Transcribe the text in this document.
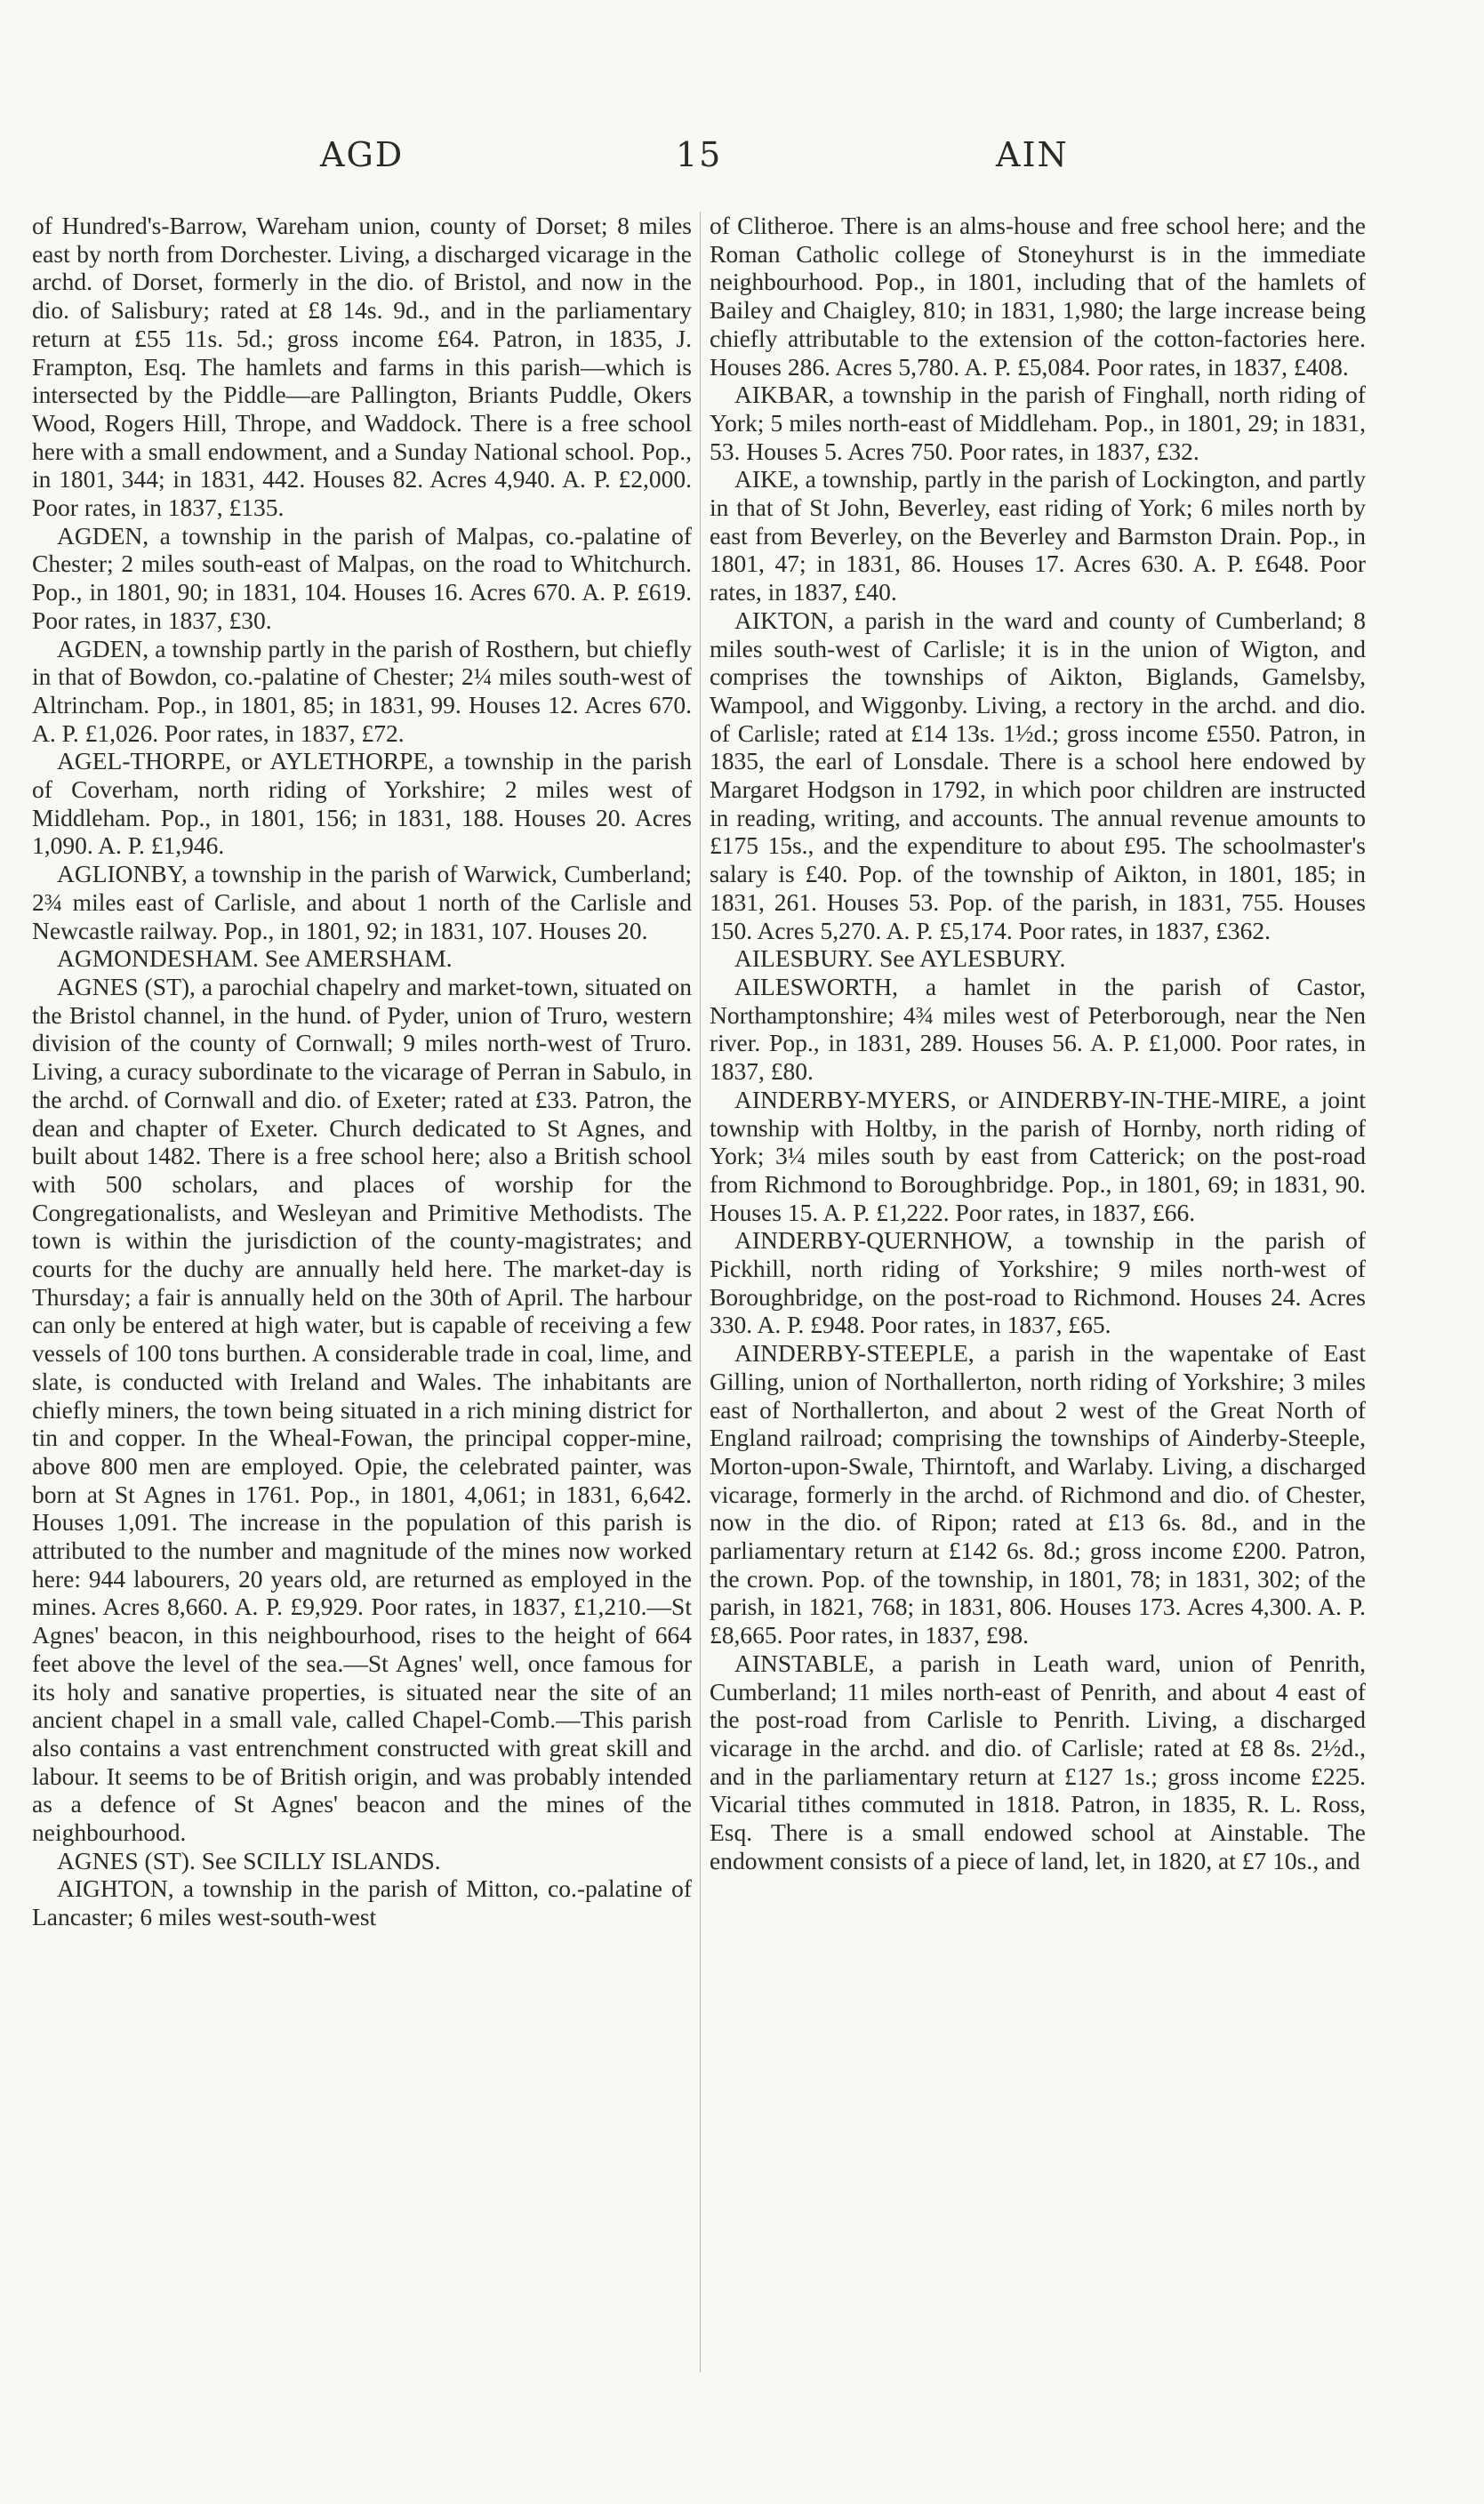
AGD	15	AIN

of Hundred's-Barrow, Wareham union, county of Dorset; 8 miles east by north from Dorchester. Living, a discharged vicarage in the archd. of Dorset, formerly in the dio. of Bristol, and now in the dio. of Salisbury; rated at £8 14s. 9d., and in the parliamentary return at £55 11s. 5d.; gross income £64. Patron, in 1835, J. Frampton, Esq. The hamlets and farms in this parish—which is intersected by the Piddle—are Pallington, Briants Puddle, Okers Wood, Rogers Hill, Thrope, and Waddock. There is a free school here with a small endowment, and a Sunday National school. Pop., in 1801, 344; in 1831, 442. Houses 82. Acres 4,940. A. P. £2,000. Poor rates, in 1837, £135.

AGDEN, a township in the parish of Malpas, co.-palatine of Chester; 2 miles south-east of Malpas, on the road to Whitchurch. Pop., in 1801, 90; in 1831, 104. Houses 16. Acres 670. A. P. £619. Poor rates, in 1837, £30.

AGDEN, a township partly in the parish of Rosthern, but chiefly in that of Bowdon, co.-palatine of Chester; 2¼ miles south-west of Altrincham. Pop., in 1801, 85; in 1831, 99. Houses 12. Acres 670. A. P. £1,026. Poor rates, in 1837, £72.

AGEL-THORPE, or AYLETHORPE, a township in the parish of Coverham, north riding of Yorkshire; 2 miles west of Middleham. Pop., in 1801, 156; in 1831, 188. Houses 20. Acres 1,090. A. P. £1,946.

AGLIONBY, a township in the parish of Warwick, Cumberland; 2¾ miles east of Carlisle, and about 1 north of the Carlisle and Newcastle railway. Pop., in 1801, 92; in 1831, 107. Houses 20.

AGMONDESHAM. See AMERSHAM.

AGNES (ST), a parochial chapelry and market-town, situated on the Bristol channel, in the hund. of Pyder, union of Truro, western division of the county of Cornwall; 9 miles north-west of Truro. Living, a curacy subordinate to the vicarage of Perran in Sabulo, in the archd. of Cornwall and dio. of Exeter; rated at £33. Patron, the dean and chapter of Exeter. Church dedicated to St Agnes, and built about 1482. There is a free school here; also a British school with 500 scholars, and places of worship for the Congregationalists, and Wesleyan and Primitive Methodists. The town is within the jurisdiction of the county-magistrates; and courts for the duchy are annually held here. The market-day is Thursday; a fair is annually held on the 30th of April. The harbour can only be entered at high water, but is capable of receiving a few vessels of 100 tons burthen. A considerable trade in coal, lime, and slate, is conducted with Ireland and Wales. The inhabitants are chiefly miners, the town being situated in a rich mining district for tin and copper. In the Wheal-Fowan, the principal copper-mine, above 800 men are employed. Opie, the celebrated painter, was born at St Agnes in 1761. Pop., in 1801, 4,061; in 1831, 6,642. Houses 1,091. The increase in the population of this parish is attributed to the number and magnitude of the mines now worked here: 944 labourers, 20 years old, are returned as employed in the mines. Acres 8,660. A. P. £9,929. Poor rates, in 1837, £1,210.—St Agnes' beacon, in this neighbourhood, rises to the height of 664 feet above the level of the sea.—St Agnes' well, once famous for its holy and sanative properties, is situated near the site of an ancient chapel in a small vale, called Chapel-Comb.—This parish also contains a vast entrenchment constructed with great skill and labour. It seems to be of British origin, and was probably intended as a defence of St Agnes' beacon and the mines of the neighbourhood.

AGNES (ST). See SCILLY ISLANDS.

AIGHTON, a township in the parish of Mitton, co.-palatine of Lancaster; 6 miles west-south-west

of Clitheroe. There is an alms-house and free school here; and the Roman Catholic college of Stoneyhurst is in the immediate neighbourhood. Pop., in 1801, including that of the hamlets of Bailey and Chaigley, 810; in 1831, 1,980; the large increase being chiefly attributable to the extension of the cotton-factories here. Houses 286. Acres 5,780. A. P. £5,084. Poor rates, in 1837, £408.

AIKBAR, a township in the parish of Finghall, north riding of York; 5 miles north-east of Middleham. Pop., in 1801, 29; in 1831, 53. Houses 5. Acres 750. Poor rates, in 1837, £32.

AIKE, a township, partly in the parish of Lockington, and partly in that of St John, Beverley, east riding of York; 6 miles north by east from Beverley, on the Beverley and Barmston Drain. Pop., in 1801, 47; in 1831, 86. Houses 17. Acres 630. A. P. £648. Poor rates, in 1837, £40.

AIKTON, a parish in the ward and county of Cumberland; 8 miles south-west of Carlisle; it is in the union of Wigton, and comprises the townships of Aikton, Biglands, Gamelsby, Wampool, and Wiggonby. Living, a rectory in the archd. and dio. of Carlisle; rated at £14 13s. 1½d.; gross income £550. Patron, in 1835, the earl of Lonsdale. There is a school here endowed by Margaret Hodgson in 1792, in which poor children are instructed in reading, writing, and accounts. The annual revenue amounts to £175 15s., and the expenditure to about £95. The schoolmaster's salary is £40. Pop. of the township of Aikton, in 1801, 185; in 1831, 261. Houses 53. Pop. of the parish, in 1831, 755. Houses 150. Acres 5,270. A. P. £5,174. Poor rates, in 1837, £362.

AILESBURY. See AYLESBURY.

AILESWORTH, a hamlet in the parish of Castor, Northamptonshire; 4¾ miles west of Peterborough, near the Nen river. Pop., in 1831, 289. Houses 56. A. P. £1,000. Poor rates, in 1837, £80.

AINDERBY-MYERS, or AINDERBY-IN-THE-MIRE, a joint township with Holtby, in the parish of Hornby, north riding of York; 3¼ miles south by east from Catterick; on the post-road from Richmond to Boroughbridge. Pop., in 1801, 69; in 1831, 90. Houses 15. A. P. £1,222. Poor rates, in 1837, £66.

AINDERBY-QUERNHOW, a township in the parish of Pickhill, north riding of Yorkshire; 9 miles north-west of Boroughbridge, on the post-road to Richmond. Houses 24. Acres 330. A. P. £948. Poor rates, in 1837, £65.

AINDERBY-STEEPLE, a parish in the wapentake of East Gilling, union of Northallerton, north riding of Yorkshire; 3 miles east of Northallerton, and about 2 west of the Great North of England railroad; comprising the townships of Ainderby-Steeple, Morton-upon-Swale, Thirntoft, and Warlaby. Living, a discharged vicarage, formerly in the archd. of Richmond and dio. of Chester, now in the dio. of Ripon; rated at £13 6s. 8d., and in the parliamentary return at £142 6s. 8d.; gross income £200. Patron, the crown. Pop. of the township, in 1801, 78; in 1831, 302; of the parish, in 1821, 768; in 1831, 806. Houses 173. Acres 4,300. A. P. £8,665. Poor rates, in 1837, £98.

AINSTABLE, a parish in Leath ward, union of Penrith, Cumberland; 11 miles north-east of Penrith, and about 4 east of the post-road from Carlisle to Penrith. Living, a discharged vicarage in the archd. and dio. of Carlisle; rated at £8 8s. 2½d., and in the parliamentary return at £127 1s.; gross income £225. Vicarial tithes commuted in 1818. Patron, in 1835, R. L. Ross, Esq. There is a small endowed school at Ainstable. The endowment consists of a piece of land, let, in 1820, at £7 10s., and
